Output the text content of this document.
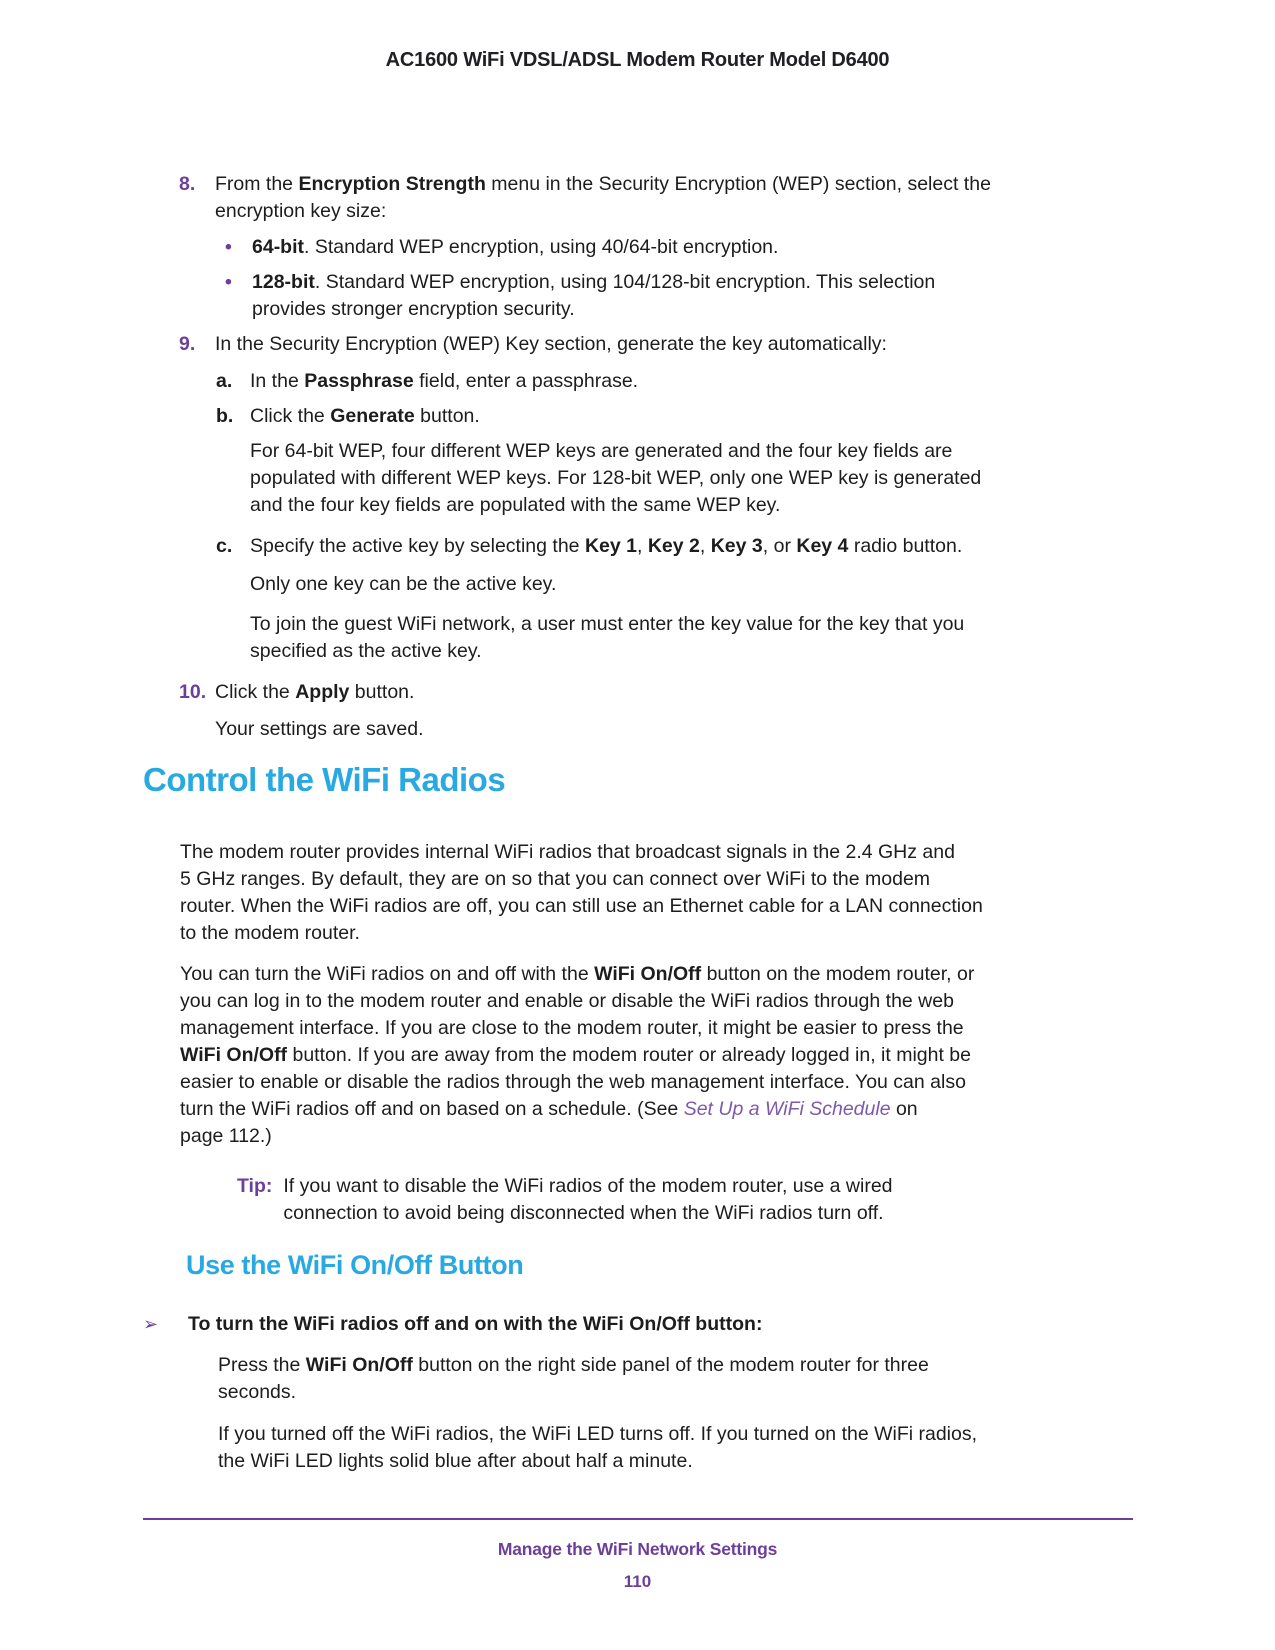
AC1600 WiFi VDSL/ADSL Modem Router Model D6400
8.	From the Encryption Strength menu in the Security Encryption (WEP) section, select the
encryption key size:
•	64-bit. Standard WEP encryption, using 40/64-bit encryption.
•	128-bit. Standard WEP encryption, using 104/128-bit encryption. This selection
provides stronger encryption security.
9.	In the Security Encryption (WEP) Key section, generate the key automatically:
a. In the Passphrase field, enter a passphrase.
b. Click the Generate button.
For 64-bit WEP, four different WEP keys are generated and the four key fields are
populated with different WEP keys. For 128-bit WEP, only one WEP key is generated
and the four key fields are populated with the same WEP key.
c. Specify the active key by selecting the Key 1, Key 2, Key 3, or Key 4 radio button.
Only one key can be the active key.
To join the guest WiFi network, a user must enter the key value for the key that you
specified as the active key.
10. Click the Apply button.
Your settings are saved.
Control the WiFi Radios
The modem router provides internal WiFi radios that broadcast signals in the 2.4 GHz and
5 GHz ranges. By default, they are on so that you can connect over WiFi to the modem
router. When the WiFi radios are off, you can still use an Ethernet cable for a LAN connection
to the modem router.
You can turn the WiFi radios on and off with the WiFi On/Off button on the modem router, or
you can log in to the modem router and enable or disable the WiFi radios through the web
management interface. If you are close to the modem router, it might be easier to press the
WiFi On/Off button. If you are away from the modem router or already logged in, it might be
easier to enable or disable the radios through the web management interface. You can also
turn the WiFi radios off and on based on a schedule. (See Set Up a WiFi Schedule on
page 112.)
Tip: If you want to disable the WiFi radios of the modem router, use a wired
connection to avoid being disconnected when the WiFi radios turn off.
Use the WiFi On/Off Button
➢	To turn the WiFi radios off and on with the WiFi On/Off button:
Press the WiFi On/Off button on the right side panel of the modem router for three
seconds.
If you turned off the WiFi radios, the WiFi LED turns off. If you turned on the WiFi radios,
the WiFi LED lights solid blue after about half a minute.
Manage the WiFi Network Settings
110
